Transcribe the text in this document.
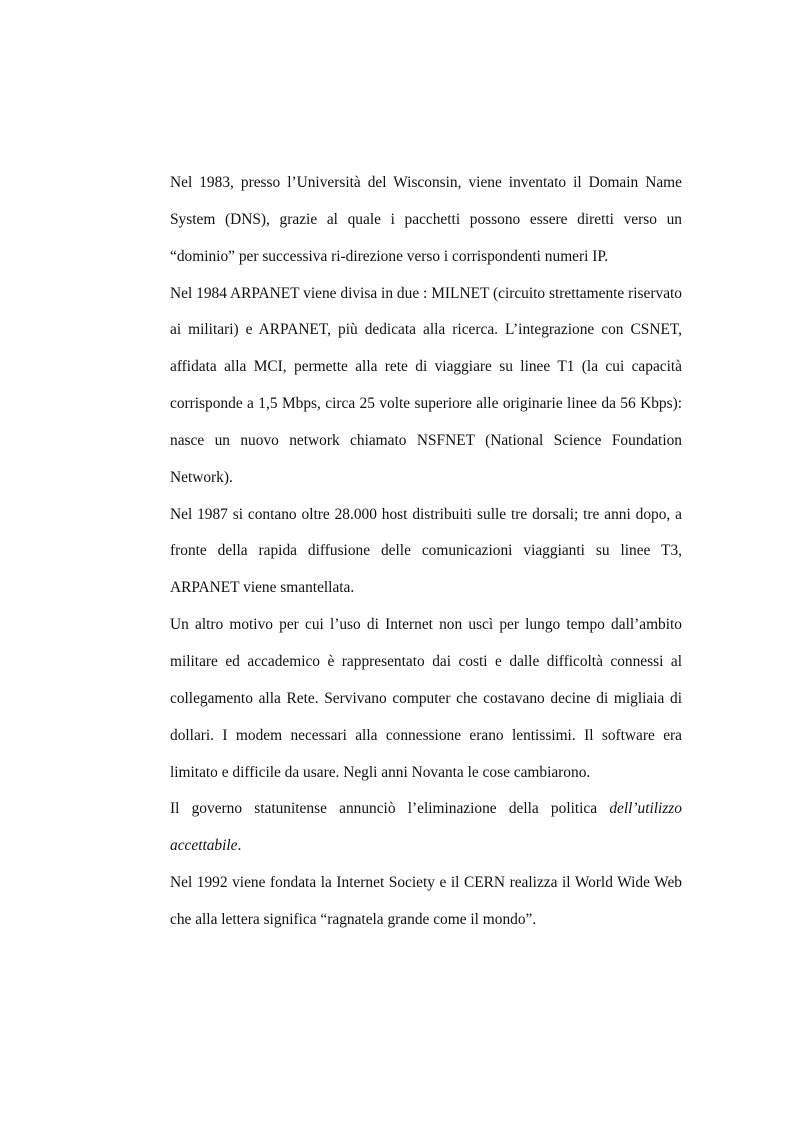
Nel 1983, presso l’Università del Wisconsin, viene inventato il Domain Name System (DNS), grazie al quale i pacchetti possono essere diretti verso un “dominio” per successiva ri-direzione verso i corrispondenti numeri IP.

Nel 1984 ARPANET viene divisa in due : MILNET (circuito strettamente riservato ai militari) e ARPANET, più dedicata alla ricerca. L’integrazione con CSNET, affidata alla MCI, permette alla rete di viaggiare su linee T1 (la cui capacità corrisponde a 1,5 Mbps, circa 25 volte superiore alle originarie linee da 56 Kbps): nasce un nuovo network chiamato NSFNET (National Science Foundation Network).

Nel 1987 si contano oltre 28.000 host distribuiti sulle tre dorsali; tre anni dopo, a fronte della rapida diffusione delle comunicazioni viaggianti su linee T3, ARPANET viene smantellata.

Un altro motivo per cui l’uso di Internet non uscì per lungo tempo dall’ambito militare ed accademico è rappresentato dai costi e dalle difficoltà connessi al collegamento alla Rete. Servivano computer che costavano decine di migliaia di dollari. I modem necessari alla connessione erano lentissimi. Il software era limitato e difficile da usare. Negli anni Novanta le cose cambiarono.

Il governo statunitense annunciò l’eliminazione della politica dell’utilizzo accettabile.

Nel 1992 viene fondata la Internet Society e il CERN realizza il World Wide Web che alla lettera significa “ragnatela grande come il mondo”.
